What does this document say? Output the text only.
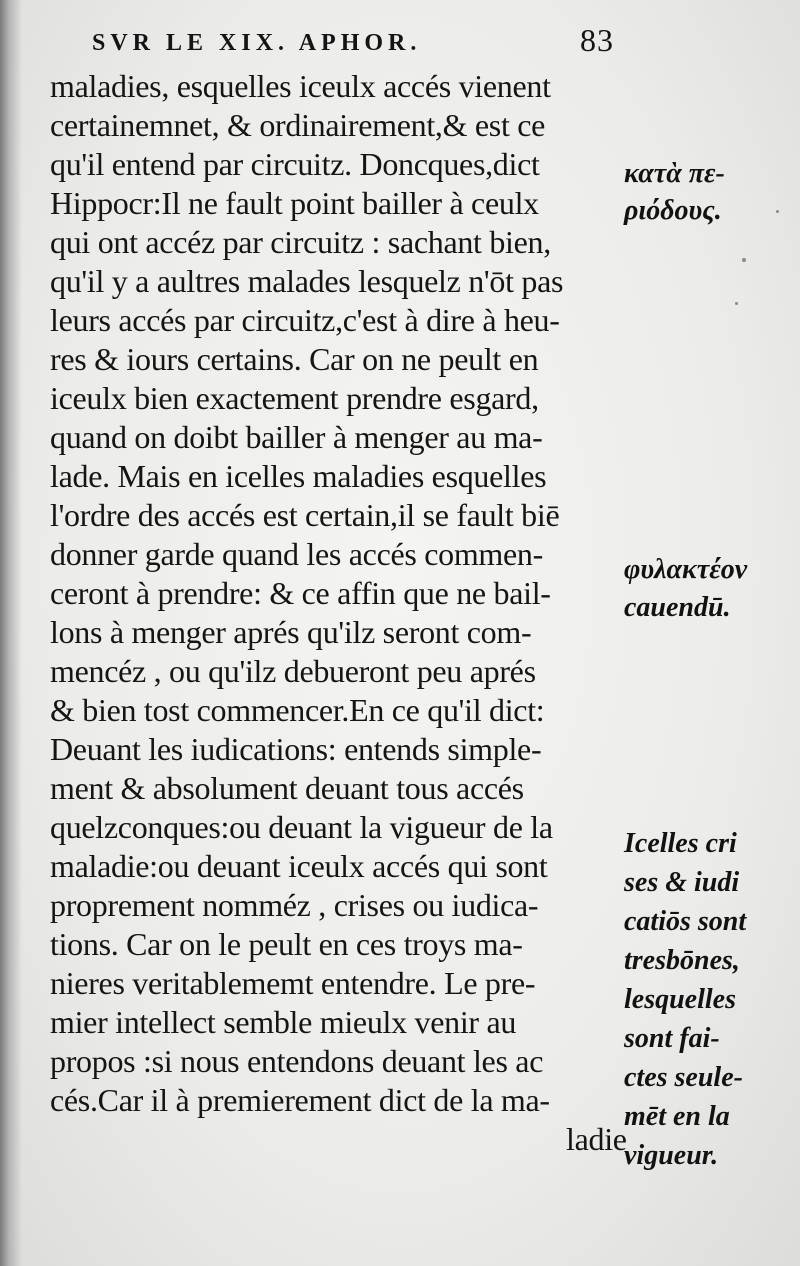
SVR LE XIX. APHOR.	83
maladies, esquelles iceulx accés vienent
certainemnet, & ordinairement,& est ce
qu'il entend par circuitz. Doncques,dict
Hippocr:Il ne fault point bailler à ceulx
qui ont accéz par circuitz : sachant bien,
qu'il y a aultres malades lesquelz n'ōt pas
leurs accés par circuitz,c'est à dire à heu-
res & iours certains. Car on ne peult en
iceulx bien exactement prendre esgard,
quand on doibt bailler à menger au ma-
lade. Mais en icelles maladies esquelles
l'ordre des accés est certain,il se fault biē
donner garde quand les accés commen-
ceront à prendre: & ce affin que ne bail-
lons à menger aprés qu'ilz seront com-
mencéz , ou qu'ilz debueront peu aprés
& bien tost commencer.En ce qu'il dict:
Deuant les iudications: entends simple-
ment & absolument deuant tous accés
quelzconques:ou deuant la vigueur de la
maladie:ou deuant iceulx accés qui sont
proprement nomméz , crises ou iudica-
tions. Car on le peult en ces troys ma-
nieres veritablememt entendre. Le pre-
mier intellect semble mieulx venir au
propos :si nous entendons deuant les ac
cés.Car il à premierement dict de la ma-
ladie
κατὰ πε-
ριόδους.
φυλακτέον
cauendū.
Icelles cri
ses & iudi
catiōs sont
tresbōnes,
lesquelles
sont fai-
ctes seule-
mēt en la
vigueur.
